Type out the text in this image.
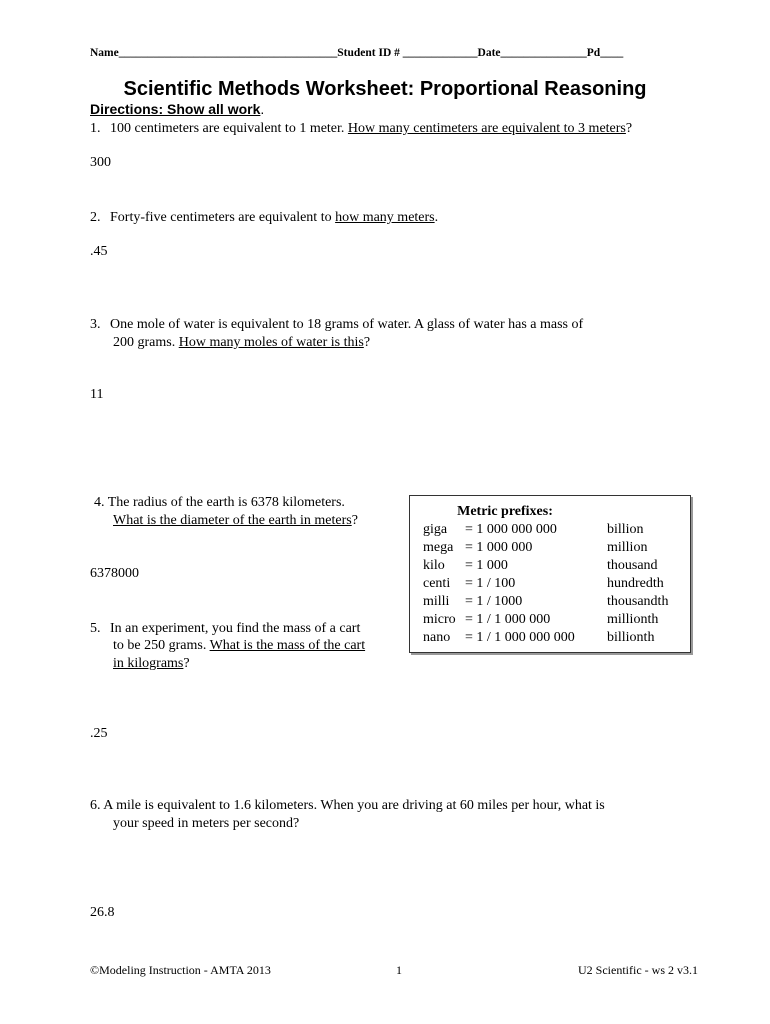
Name______________________________________Student ID # _____________Date_______________Pd____
Scientific Methods Worksheet: Proportional Reasoning
Directions: Show all work.
1. 100 centimeters are equivalent to 1 meter. How many centimeters are equivalent to 3 meters?
300
2. Forty-five centimeters are equivalent to how many meters.
.45
3. One mole of water is equivalent to 18 grams of water. A glass of water has a mass of
200 grams. How many moles of water is this?
11
4. The radius of the earth is 6378 kilometers.
What is the diameter of the earth in meters?
6378000
5. In an experiment, you find the mass of a cart
to be 250 grams. What is the mass of the cart
in kilograms?
.25
6. A mile is equivalent to 1.6 kilometers. When you are driving at 60 miles per hour, what is
your speed in meters per second?
26.8
Metric prefixes:
giga = 1 000 000 000	billion
mega = 1 000 000	million
kilo = 1 000	thousand
centi = 1 / 100	hundredth
milli = 1 / 1000	thousandth
micro = 1 / 1 000 000	millionth
nano = 1 / 1 000 000 000 billionth
©Modeling Instruction - AMTA 2013	1	U2 Scientific - ws 2 v3.1
